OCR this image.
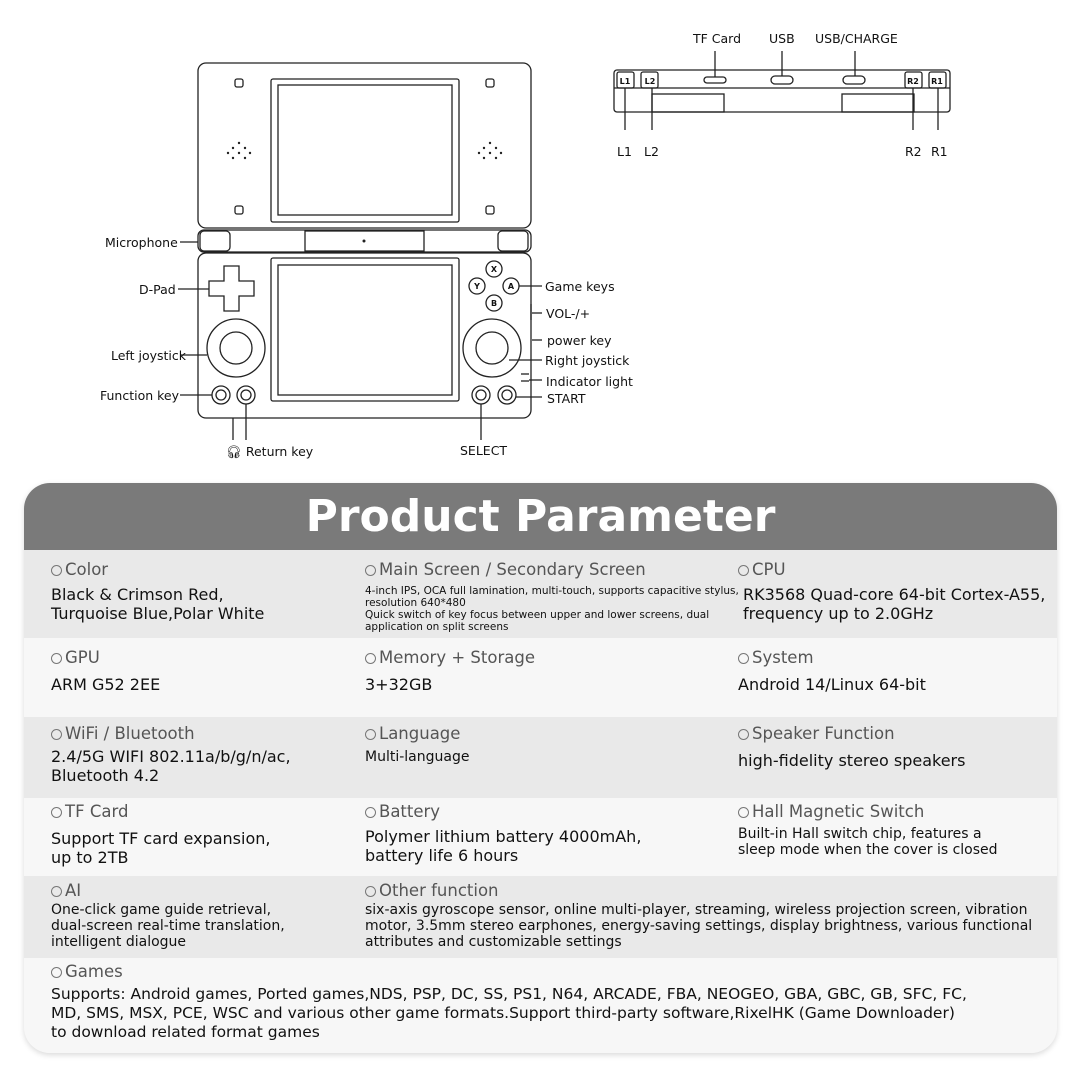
X
Y	A
B
L1 L2	R2 R1
Microphone
D-Pad
Left joystick
Function key
🎧︎ Return key	SELECT
Game keys
VOL-/+
power key
Right joystick
Indicator light
START
TF Card USB USB/CHARGE
L1 L2	R2 R1
Product Parameter
Color
Black & Crimson Red,
Turquoise Blue,Polar White
Main Screen / Secondary Screen
4-inch IPS, OCA full lamination, multi-touch, supports capacitive stylus,
resolution 640*480
Quick switch of key focus between upper and lower screens, dual
application on split screens
CPU
RK3568 Quad-core 64-bit Cortex-A55,
frequency up to 2.0GHz
GPU
ARM G52 2EE
Memory + Storage
3+32GB
System
Android 14/Linux 64-bit
WiFi / Bluetooth
2.4/5G WIFI 802.11a/b/g/n/ac,
Bluetooth 4.2
Language
Multi-language
Speaker Function
high-fidelity stereo speakers
TF Card
Support TF card expansion,
up to 2TB
Battery
Polymer lithium battery 4000mAh,
battery life 6 hours
Hall Magnetic Switch
Built-in Hall switch chip, features a
sleep mode when the cover is closed
AI
One-click game guide retrieval,
dual-screen real-time translation,
intelligent dialogue
Other function
six-axis gyroscope sensor, online multi-player, streaming, wireless projection screen, vibration
motor, 3.5mm stereo earphones, energy-saving settings, display brightness, various functional
attributes and customizable settings
Games
Supports: Android games, Ported games,NDS, PSP, DC, SS, PS1, N64, ARCADE, FBA, NEOGEO, GBA, GBC, GB, SFC, FC,
MD, SMS, MSX, PCE, WSC and various other game formats.Support third-party software,RixelHK (Game Downloader)
to download related format games
